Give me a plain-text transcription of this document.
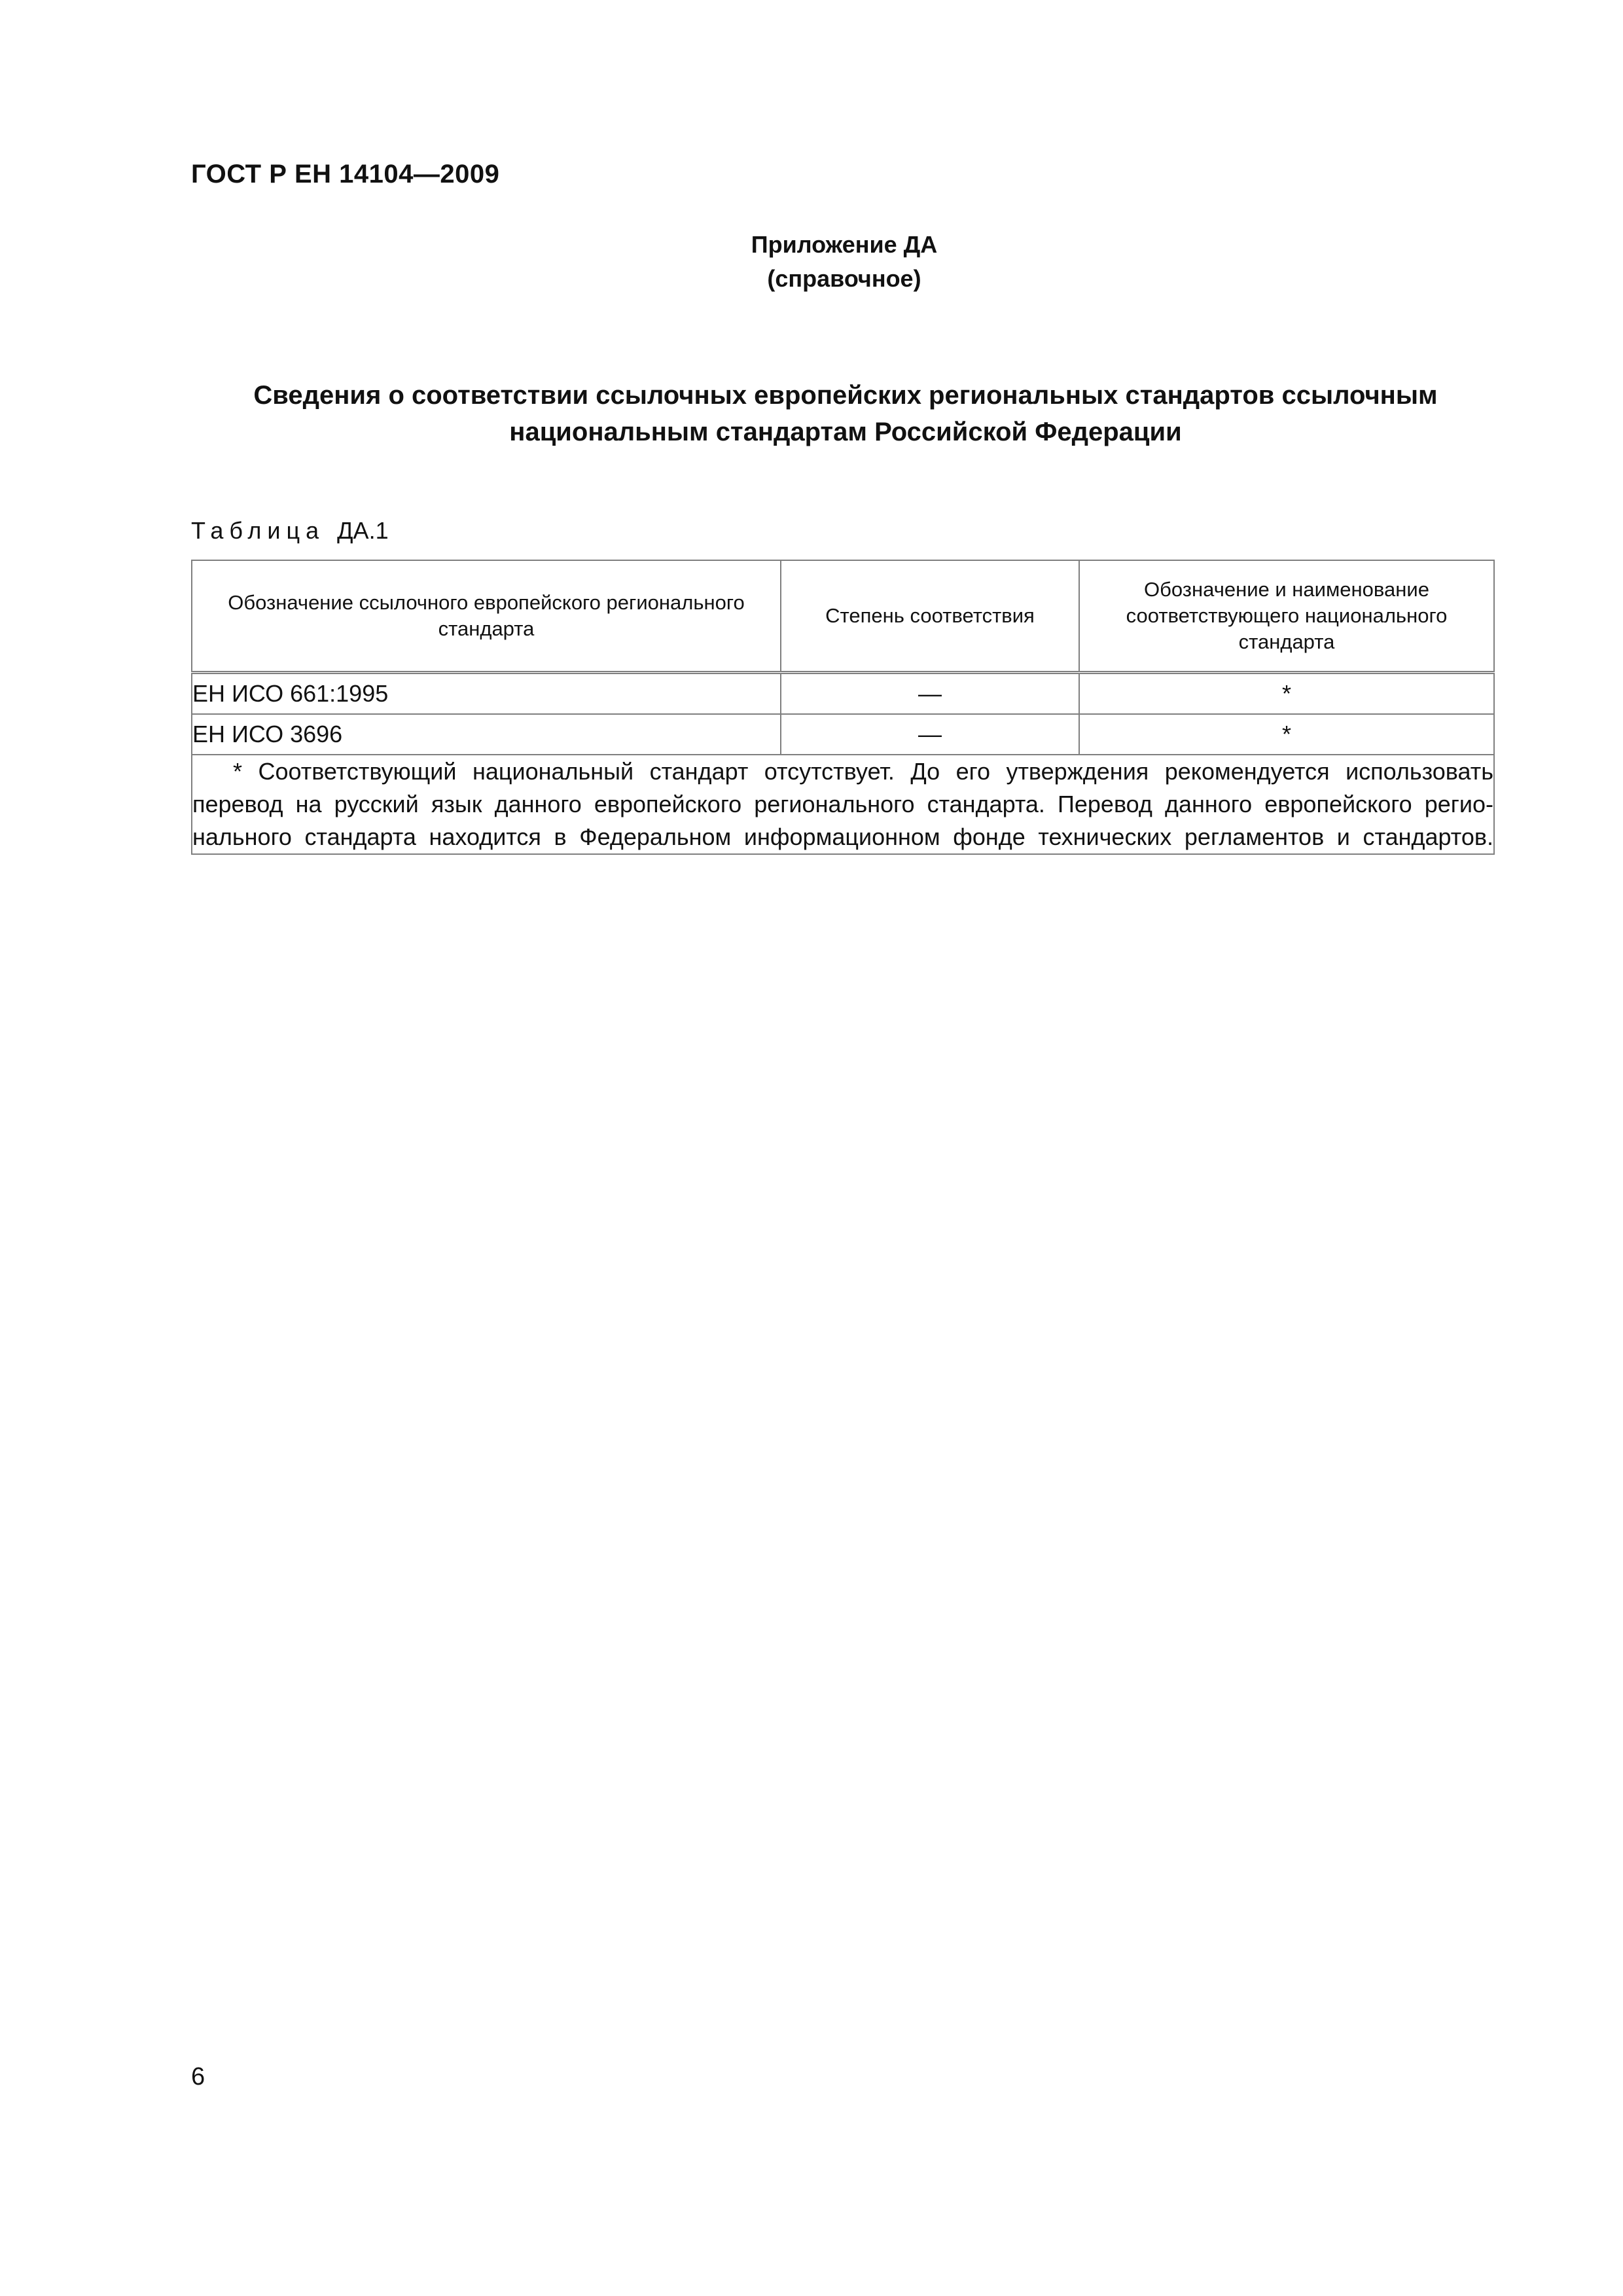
ГОСТ Р ЕН 14104—2009
Приложение ДА
(справочное)
Сведения о соответствии ссылочных европейских региональных стандартов ссылочным
национальным стандартам Российской Федерации
Таблица ДА.1
Обозначение ссылочного европейского регионального стандарта	Степень соответствия	Обозначение и наименование соответствующего национального стандарта
ЕН ИСО 661:1995	—	*
ЕН ИСО 3696	—	*

* Соответствующий национальный стандарт отсутствует. До его утверждения рекомендуется использовать
перевод на русский язык данного европейского регионального стандарта. Перевод данного европейского регио-
нального стандарта находится в Федеральном информационном фонде технических регламентов и стандартов.		
6
